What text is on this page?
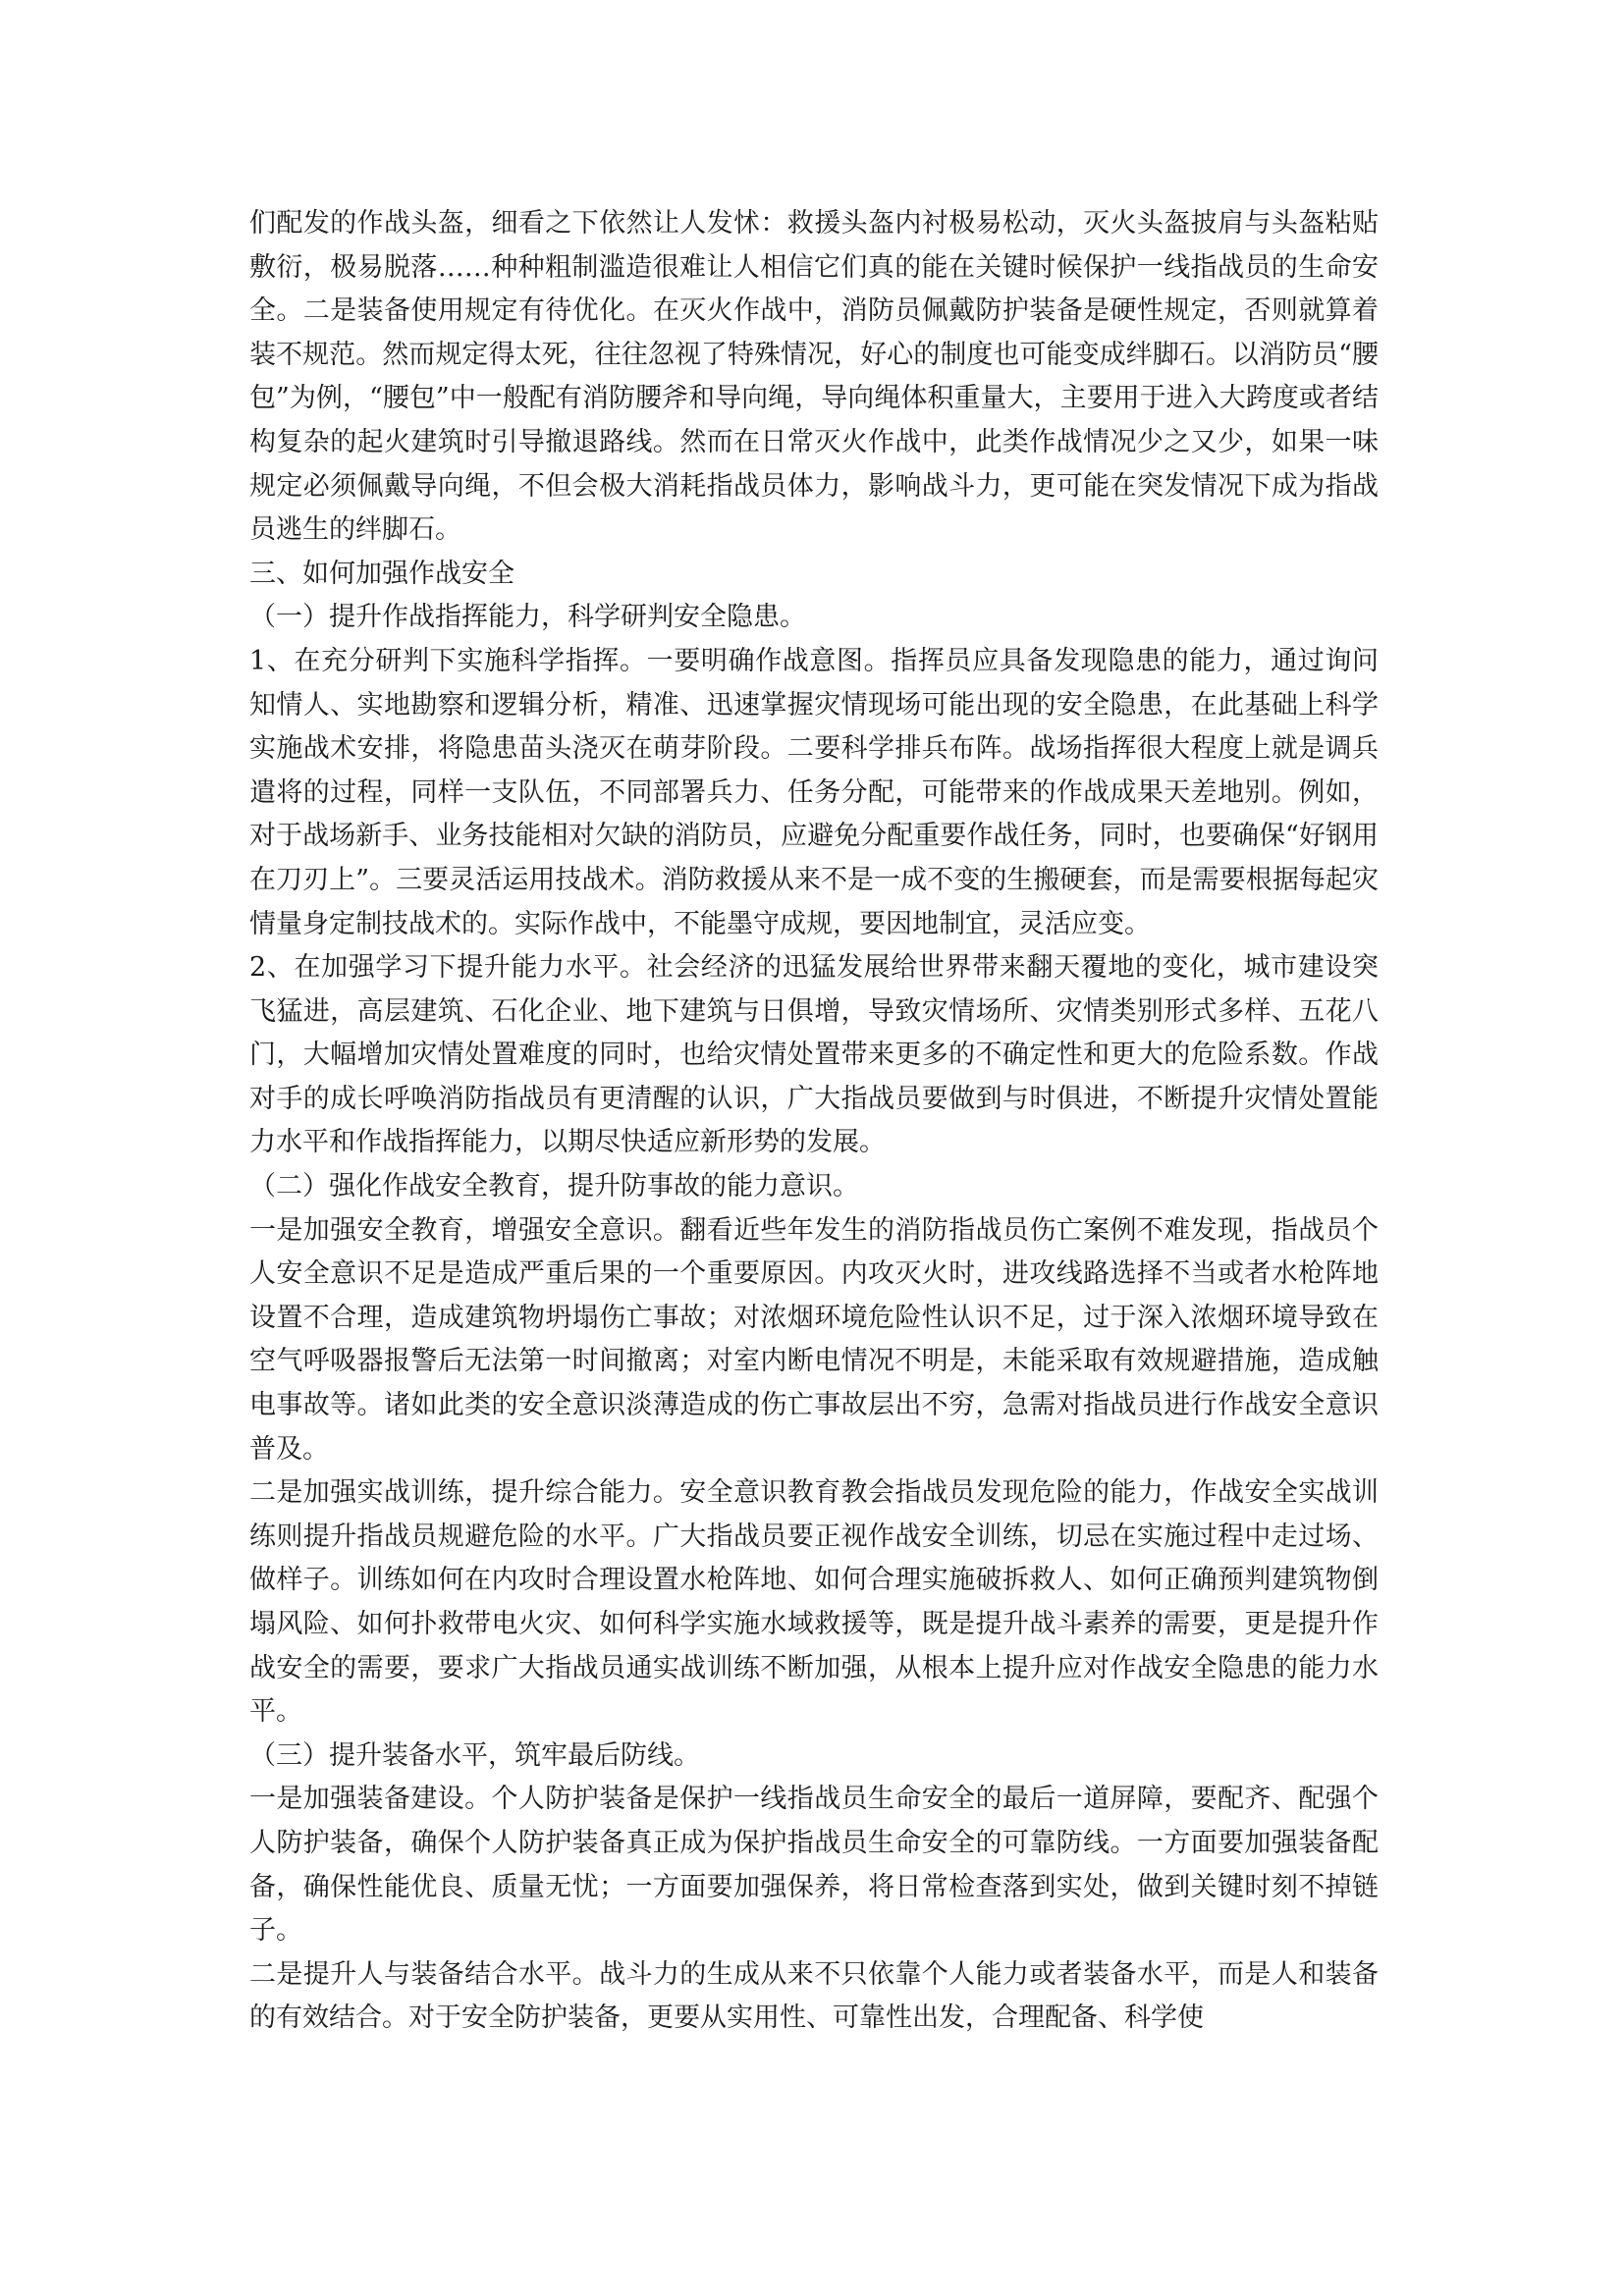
们配发的作战头盔，细看之下依然让人发怵：救援头盔内衬极易松动，灭火头盔披肩与头盔粘贴敷衍，极易脱落……种种粗制滥造很难让人相信它们真的能在关键时候保护一线指战员的生命安全。二是装备使用规定有待优化。在灭火作战中，消防员佩戴防护装备是硬性规定，否则就算着装不规范。然而规定得太死，往往忽视了特殊情况，好心的制度也可能变成绊脚石。以消防员“腰包”为例，“腰包”中一般配有消防腰斧和导向绳，导向绳体积重量大，主要用于进入大跨度或者结构复杂的起火建筑时引导撤退路线。然而在日常灭火作战中，此类作战情况少之又少，如果一味规定必须佩戴导向绳，不但会极大消耗指战员体力，影响战斗力，更可能在突发情况下成为指战员逃生的绊脚石。

三、如何加强作战安全

（一）提升作战指挥能力，科学研判安全隐患。

1、在充分研判下实施科学指挥。一要明确作战意图。指挥员应具备发现隐患的能力，通过询问知情人、实地勘察和逻辑分析，精准、迅速掌握灾情现场可能出现的安全隐患，在此基础上科学实施战术安排，将隐患苗头浇灭在萌芽阶段。二要科学排兵布阵。战场指挥很大程度上就是调兵遣将的过程，同样一支队伍，不同部署兵力、任务分配，可能带来的作战成果天差地别。例如，对于战场新手、业务技能相对欠缺的消防员，应避免分配重要作战任务，同时，也要确保“好钢用在刀刃上”。三要灵活运用技战术。消防救援从来不是一成不变的生搬硬套，而是需要根据每起灾情量身定制技战术的。实际作战中，不能墨守成规，要因地制宜，灵活应变。

2、在加强学习下提升能力水平。社会经济的迅猛发展给世界带来翻天覆地的变化，城市建设突飞猛进，高层建筑、石化企业、地下建筑与日俱增，导致灾情场所、灾情类别形式多样、五花八门，大幅增加灾情处置难度的同时，也给灾情处置带来更多的不确定性和更大的危险系数。作战对手的成长呼唤消防指战员有更清醒的认识，广大指战员要做到与时俱进，不断提升灾情处置能力水平和作战指挥能力，以期尽快适应新形势的发展。

（二）强化作战安全教育，提升防事故的能力意识。

一是加强安全教育，增强安全意识。翻看近些年发生的消防指战员伤亡案例不难发现，指战员个人安全意识不足是造成严重后果的一个重要原因。内攻灭火时，进攻线路选择不当或者水枪阵地设置不合理，造成建筑物坍塌伤亡事故；对浓烟环境危险性认识不足，过于深入浓烟环境导致在空气呼吸器报警后无法第一时间撤离；对室内断电情况不明是，未能采取有效规避措施，造成触电事故等。诸如此类的安全意识淡薄造成的伤亡事故层出不穷，急需对指战员进行作战安全意识普及。

二是加强实战训练，提升综合能力。安全意识教育教会指战员发现危险的能力，作战安全实战训练则提升指战员规避危险的水平。广大指战员要正视作战安全训练，切忌在实施过程中走过场、做样子。训练如何在内攻时合理设置水枪阵地、如何合理实施破拆救人、如何正确预判建筑物倒塌风险、如何扑救带电火灾、如何科学实施水域救援等，既是提升战斗素养的需要，更是提升作战安全的需要，要求广大指战员通实战训练不断加强，从根本上提升应对作战安全隐患的能力水平。

（三）提升装备水平，筑牢最后防线。

一是加强装备建设。个人防护装备是保护一线指战员生命安全的最后一道屏障，要配齐、配强个人防护装备，确保个人防护装备真正成为保护指战员生命安全的可靠防线。一方面要加强装备配备，确保性能优良、质量无忧；一方面要加强保养，将日常检查落到实处，做到关键时刻不掉链子。

二是提升人与装备结合水平。战斗力的生成从来不只依靠个人能力或者装备水平，而是人和装备的有效结合。对于安全防护装备，更要从实用性、可靠性出发，合理配备、科学使
